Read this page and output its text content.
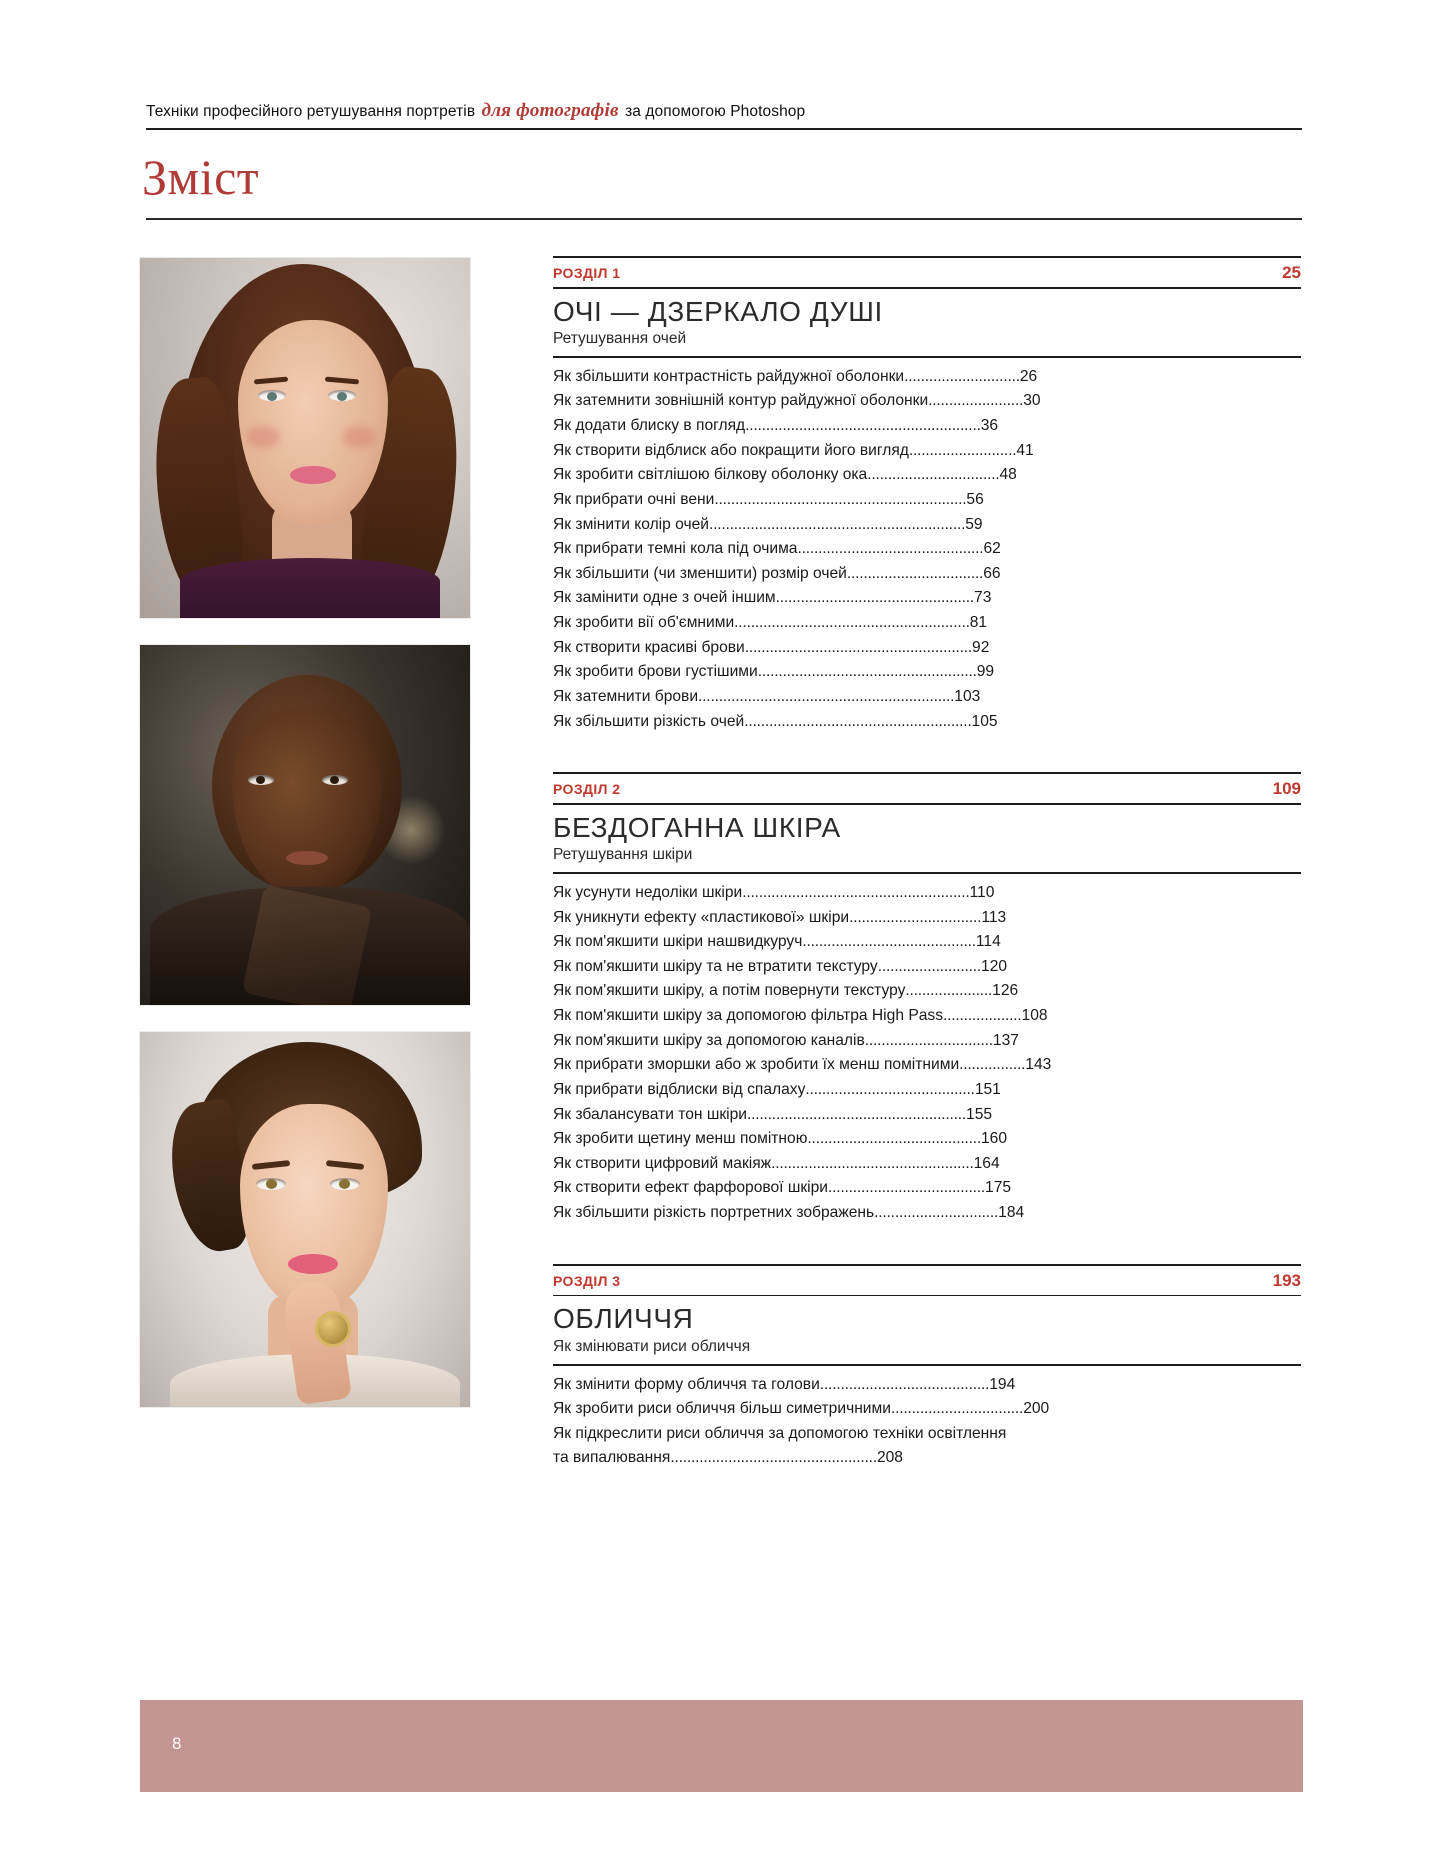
Техніки професійного ретушування портретів для фотографів за допомогою Photoshop
Зміст
РОЗДІЛ 1	25
ОЧІ — ДЗЕРКАЛО ДУШІ
Ретушування очей
Як збільшити контрастність райдужної оболонки............................26
Як затемнити зовнішній контур райдужної оболонки.......................30
Як додати блиску в погляд.........................................................36
Як створити відблиск або покращити його вигляд..........................41
Як зробити світлішою білкову оболонку ока................................48
Як прибрати очні вени.............................................................56
Як змінити колір очей..............................................................59
Як прибрати темні кола під очима.............................................62
Як збільшити (чи зменшити) розмір очей.................................66
Як замінити одне з очей іншим................................................73
Як зробити вії об'ємними.........................................................81
Як створити красиві брови.......................................................92
Як зробити брови густішими.....................................................99
Як затемнити брови..............................................................103
Як збільшити різкість очей.......................................................105
РОЗДІЛ 2	109
БЕЗДОГАННА ШКІРА
Ретушування шкіри
Як усунути недоліки шкіри.......................................................110
Як уникнути ефекту «пластикової» шкіри................................113
Як пом'якшити шкіри нашвидкуруч..........................................114
Як пом'якшити шкіру та не втратити текстуру.........................120
Як пом'якшити шкіру, а потім повернути текстуру.....................126
Як пом'якшити шкіру за допомогою фільтра High Pass...................108
Як пом'якшити шкіру за допомогою каналів...............................137
Як прибрати зморшки або ж зробити їх менш помітними................143
Як прибрати відблиски від спалаху.........................................151
Як збалансувати тон шкіри.....................................................155
Як зробити щетину менш помітною..........................................160
Як створити цифровий макіяж.................................................164
Як створити ефект фарфорової шкіри......................................175
Як збільшити різкість портретних зображень..............................184
РОЗДІЛ 3	193
ОБЛИЧЧЯ
Як змінювати риси обличчя
Як змінити форму обличчя та голови.........................................194
Як зробити риси обличчя більш симетричними................................200
Як підкреслити риси обличчя за допомогою техніки освітлення
та випалювання..................................................208
8
